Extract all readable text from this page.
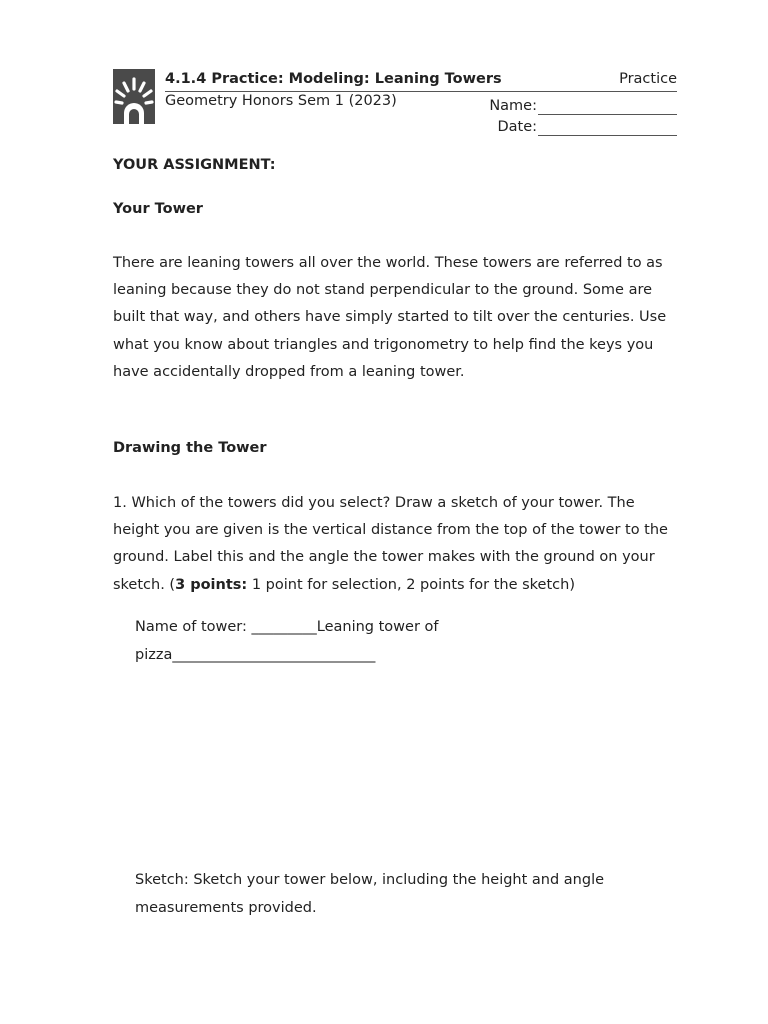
4.1.4 Practice: Modeling: Leaning Towers	Practice
Geometry Honors Sem 1 (2023)	Name:
Date:
YOUR ASSIGNMENT:
Your Tower

There are leaning towers all over the world. These towers are referred to as leaning because they do not stand perpendicular to the ground. Some are built that way, and others have simply started to tilt over the centuries. Use what you know about triangles and trigonometry to help find the keys you have accidentally dropped from a leaning tower.

Drawing the Tower

1. Which of the towers did you select? Draw a sketch of your tower. The height you are given is the vertical distance from the top of the tower to the ground. Label this and the angle the tower makes with the ground on your sketch. (3 points: 1 point for selection, 2 points for the sketch)

Name of tower: _________Leaning tower of pizza____________________________

Sketch: Sketch your tower below, including the height and angle measurements provided.
